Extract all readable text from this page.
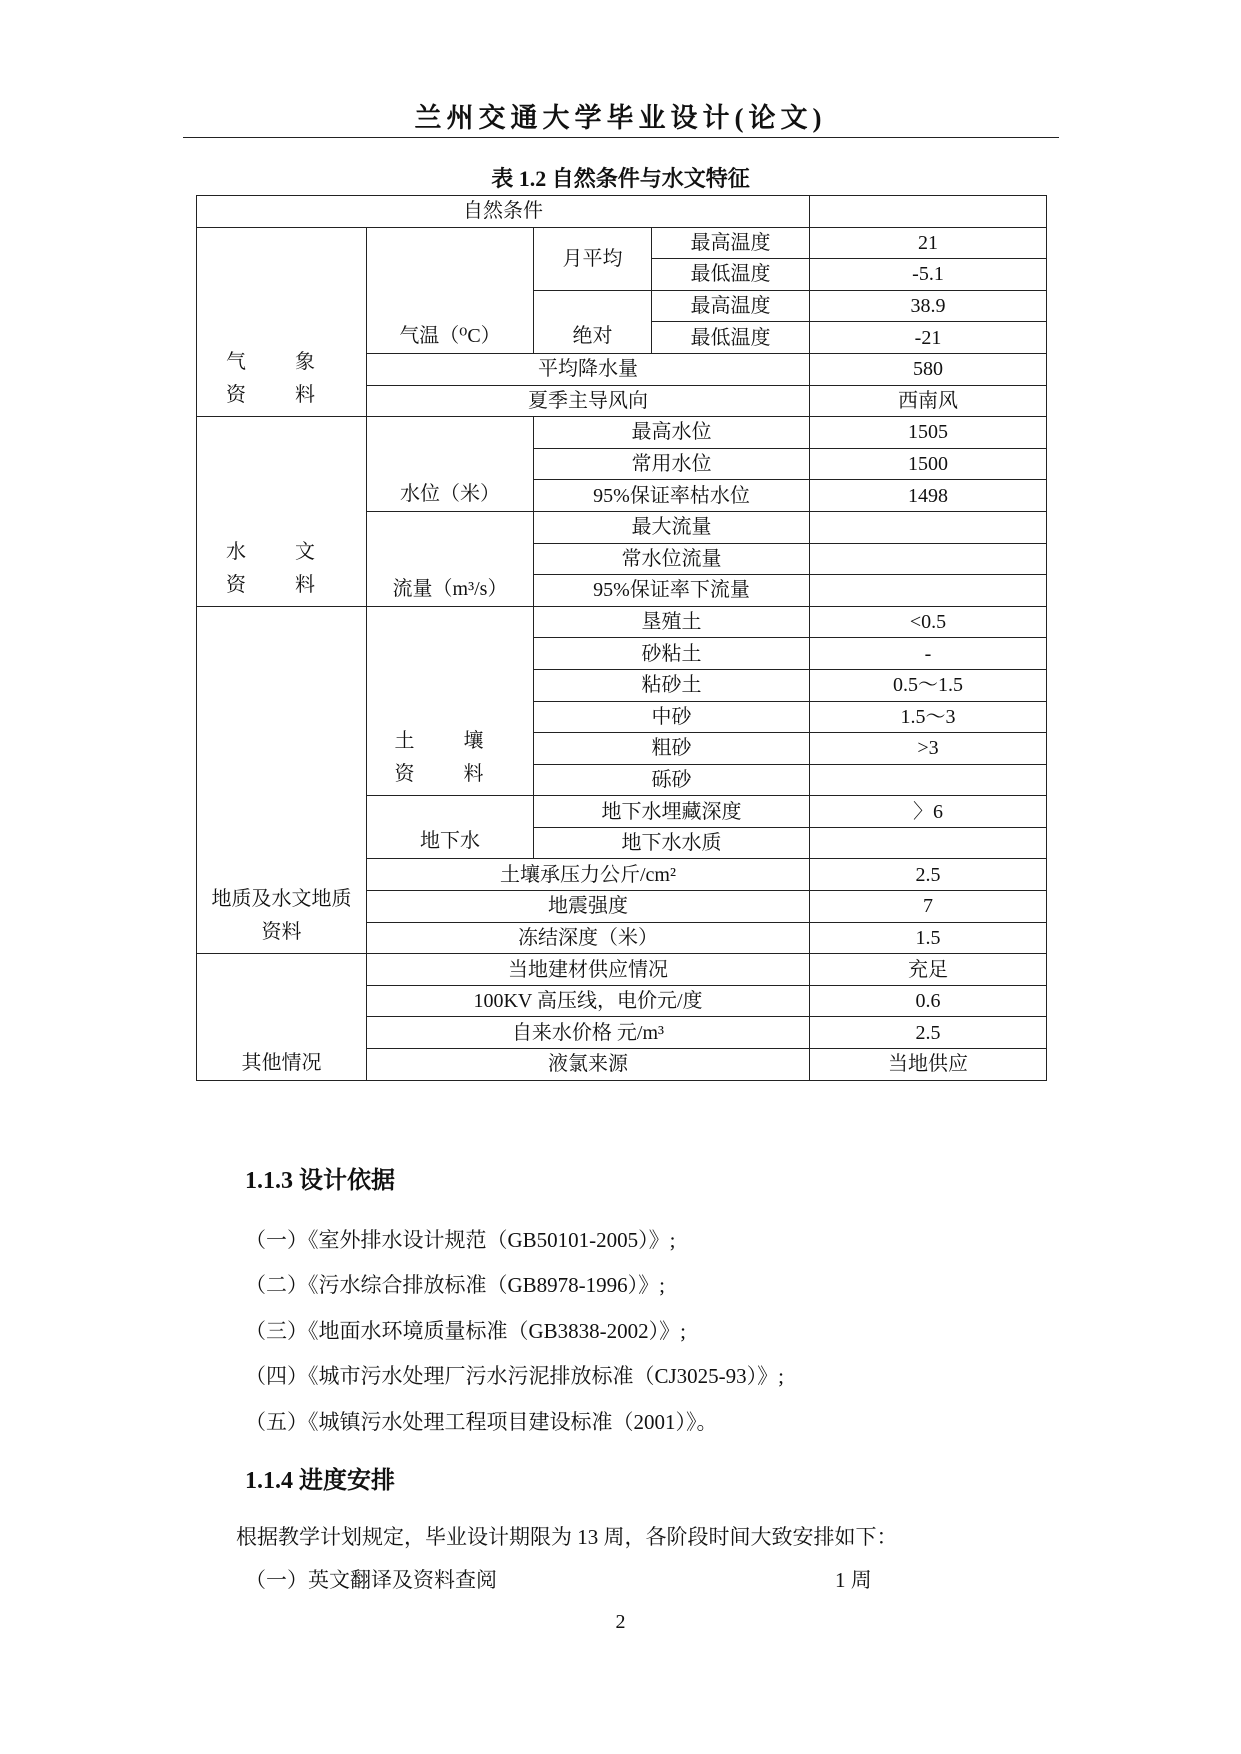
兰州交通大学毕业设计(论文)
表 1.2 自然条件与水文特征
自然条件				
气 象 资 料	气温（⁰C）	月平均	最高温度	21
			最低温度	-5.1
		绝对	最高温度	38.9
			最低温度	-21
	平均降水量			580
	夏季主导风向			西南风
水 文 资 料	水位（米）	最高水位		1505
		常用水位		1500
		95%保证率枯水位		1498
	流量（m³/s）	最大流量		
		常水位流量		
		95%保证率下流量		
地质及水文地质资料	土 壤 资 料	垦殖土		<0.5
		砂粘土		-
		粘砂土		0.5～1.5
		中砂		1.5～3
		粗砂		>3
		砾砂		
	地下水	地下水埋藏深度		〉6
		地下水水质		
	土壤承压力公斤/cm²			2.5
	地震强度			7
	冻结深度（米）			1.5
其他情况	当地建材供应情况			充足
	100KV 高压线，电价元/度			0.6
	自来水价格 元/m³			2.5
	液氯来源			当地供应
1.1.3 设计依据
（一）《室外排水设计规范（GB50101-2005）》;
（二）《污水综合排放标准（GB8978-1996）》;
（三）《地面水环境质量标准（GB3838-2002）》;
（四）《城市污水处理厂污水污泥排放标准（CJ3025-93）》;
（五）《城镇污水处理工程项目建设标准（2001）》。
1.1.4 进度安排
根据教学计划规定，毕业设计期限为 13 周，各阶段时间大致安排如下：
（一）英文翻译及资料查阅	1 周
2
